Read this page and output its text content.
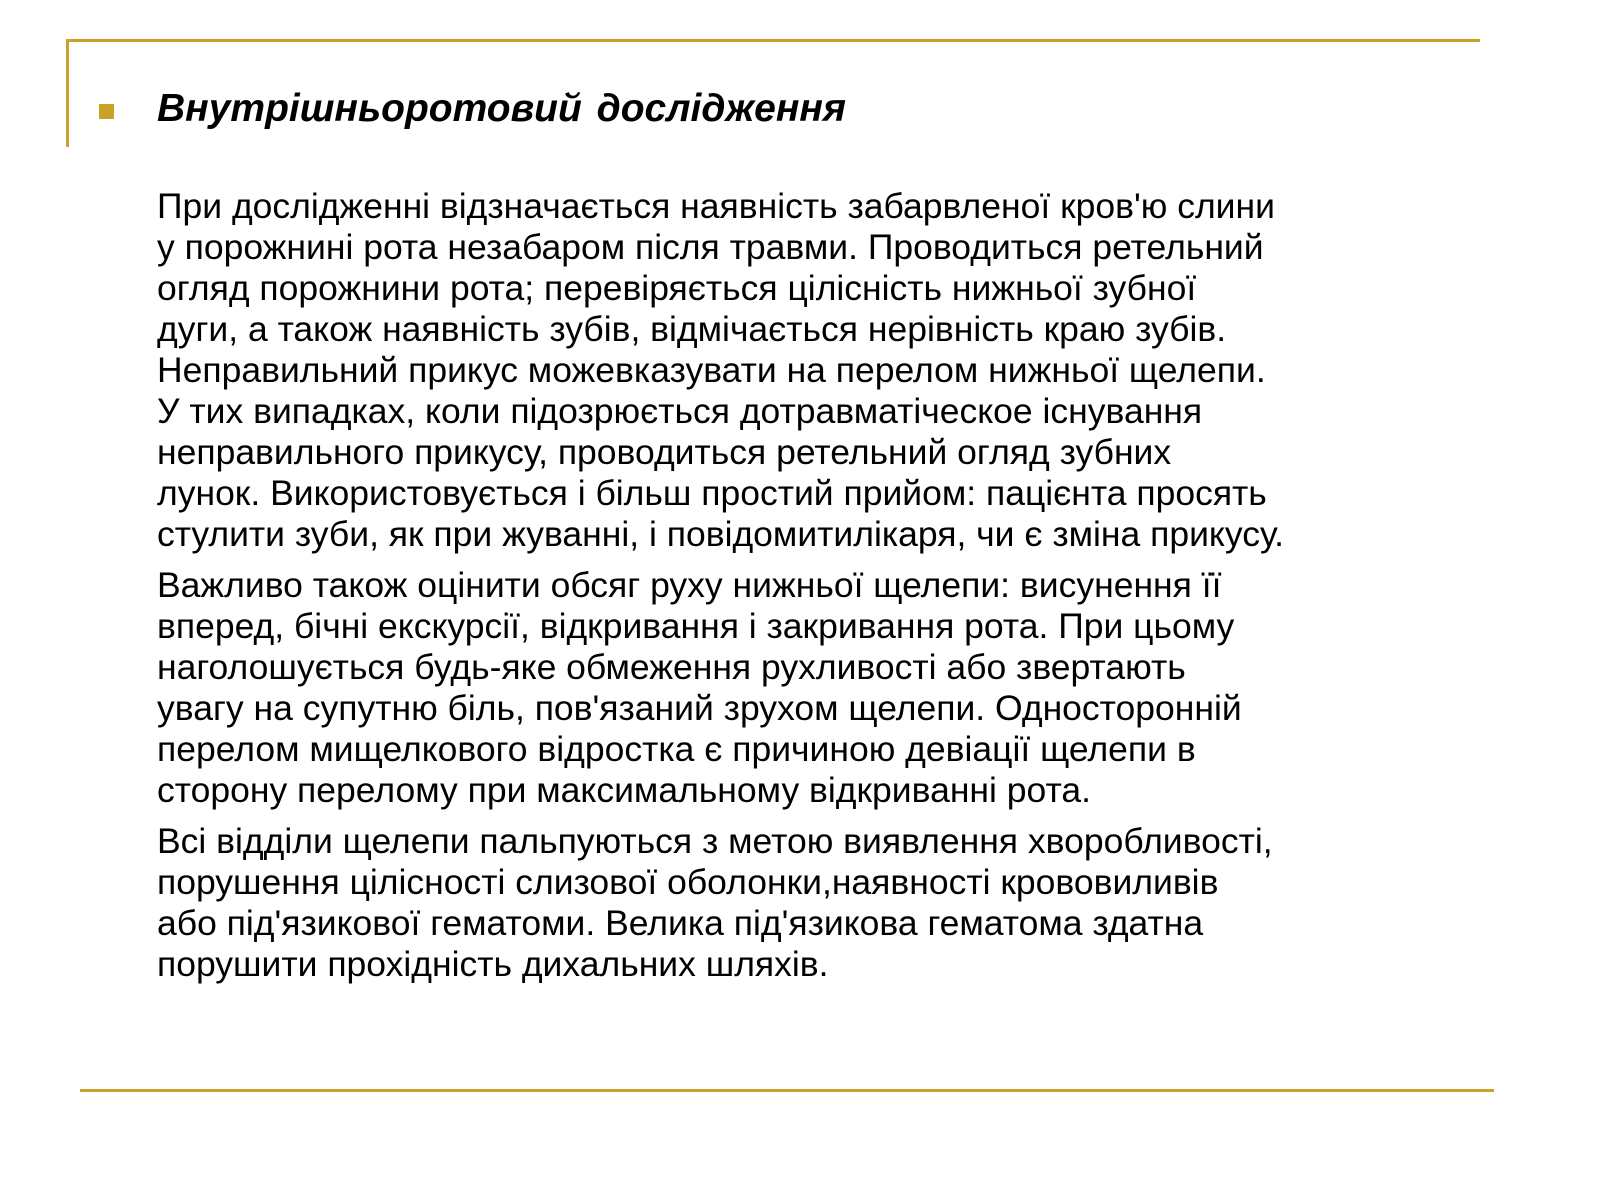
Внутрішньоротовий дослідження

При дослідженні відзначається наявність забарвленої кров'ю слини
у порожнині рота незабаром після травми. Проводиться ретельний
огляд порожнини рота; перевіряється цілісність нижньої зубної
дуги, а також наявність зубів, відмічається нерівність краю зубів.
Неправильний прикус можевказувати на перелом нижньої щелепи.
У тих випадках, коли підозрюється дотравматіческое існування
неправильного прикусу, проводиться ретельний огляд зубних
лунок. Використовується і більш простий прийом: пацієнта просять
стулити зуби, як при жуванні, і повідомитилікаря, чи є зміна прикусу.

Важливо також оцінити обсяг руху нижньої щелепи: висунення її
вперед, бічні екскурсії, відкривання і закривання рота. При цьому
наголошується будь-яке обмеження рухливості або звертають
увагу на супутню біль, пов'язаний зрухом щелепи. Односторонній
перелом мищелкового відростка є причиною девіації щелепи в
сторону перелому при максимальному відкриванні рота.

Всі відділи щелепи пальпуються з метою виявлення хворобливості,
порушення цілісності слизової оболонки,наявності крововиливів
або під'язикової гематоми. Велика під'язикова гематома здатна
порушити прохідність дихальних шляхів.
